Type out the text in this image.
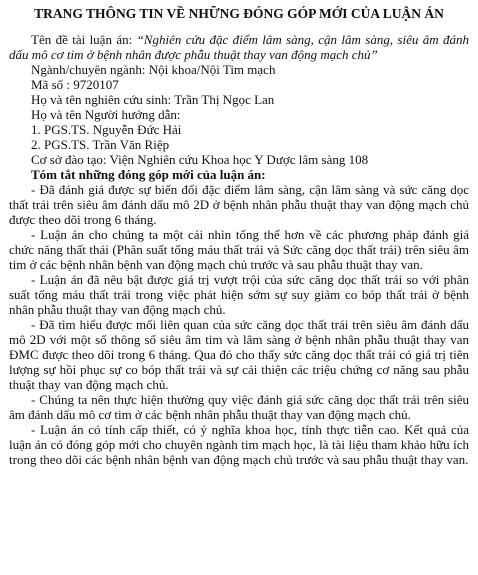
TRANG THÔNG TIN VỀ NHỮNG ĐÓNG GÓP MỚI CỦA LUẬN ÁN

Tên đề tài luận án: “Nghiên cứu đặc điểm lâm sàng, cận lâm sàng, siêu âm đánh dấu mô cơ tim ở bệnh nhân được phẫu thuật thay van động mạch chủ”

Ngành/chuyên ngành: Nội khoa/Nội Tim mạch

Mã số : 9720107

Họ và tên nghiên cứu sinh: Trần Thị Ngọc Lan

Họ và tên Người hướng dẫn:

1. PGS.TS. Nguyễn Đức Hải

2. PGS.TS. Trần Văn Riệp

Cơ sở đào tạo: Viện Nghiên cứu Khoa học Y Dược lâm sàng 108

Tóm tắt những đóng góp mới của luận án:

- Đã đánh giá được sự biến đổi đặc điểm lâm sàng, cận lâm sàng và sức căng dọc thất trái trên siêu âm đánh dấu mô 2D ở bệnh nhân phẫu thuật thay van động mạch chủ được theo dõi trong 6 tháng.

- Luận án cho chúng ta một cái nhìn tổng thể hơn về các phương pháp đánh giá chức năng thất thái (Phân suất tống máu thất trái và Sức căng dọc thất trái) trên siêu âm tim ở các bệnh nhân bệnh van động mạch chủ trước và sau phẫu thuật thay van.

- Luận án đã nêu bật được giá trị vượt trội của sức căng dọc thất trái so với phân suất tống máu thất trái trong việc phát hiện sớm sự suy giảm co bóp thất trái ở bệnh nhân phẫu thuật thay van động mạch chủ.

- Đã tìm hiểu được mối liên quan của sức căng dọc thất trái trên siêu âm đánh dấu mô 2D với một số thông số siêu âm tim và lâm sàng ở bệnh nhân phẫu thuật thay van ĐMC được theo dõi trong 6 tháng. Qua đó cho thấy sức căng dọc thất trái có giá trị tiên lượng sự hồi phục sự co bóp thất trái và sự cải thiện các triệu chứng cơ năng sau phẫu thuật thay van động mạch chủ.

- Chúng ta nên thực hiện thường quy việc đánh giá sức căng dọc thất trái trên siêu âm đánh dấu mô cơ tim ở các bệnh nhân phẫu thuật thay van động mạch chủ.

- Luận án có tính cấp thiết, có ý nghĩa khoa học, tính thực tiễn cao. Kết quả của luận án có đóng góp mới cho chuyên ngành tim mạch học, là tài liệu tham khảo hữu ích trong theo dõi các bệnh nhân bệnh van động mạch chủ trước và sau phẫu thuật thay van.
